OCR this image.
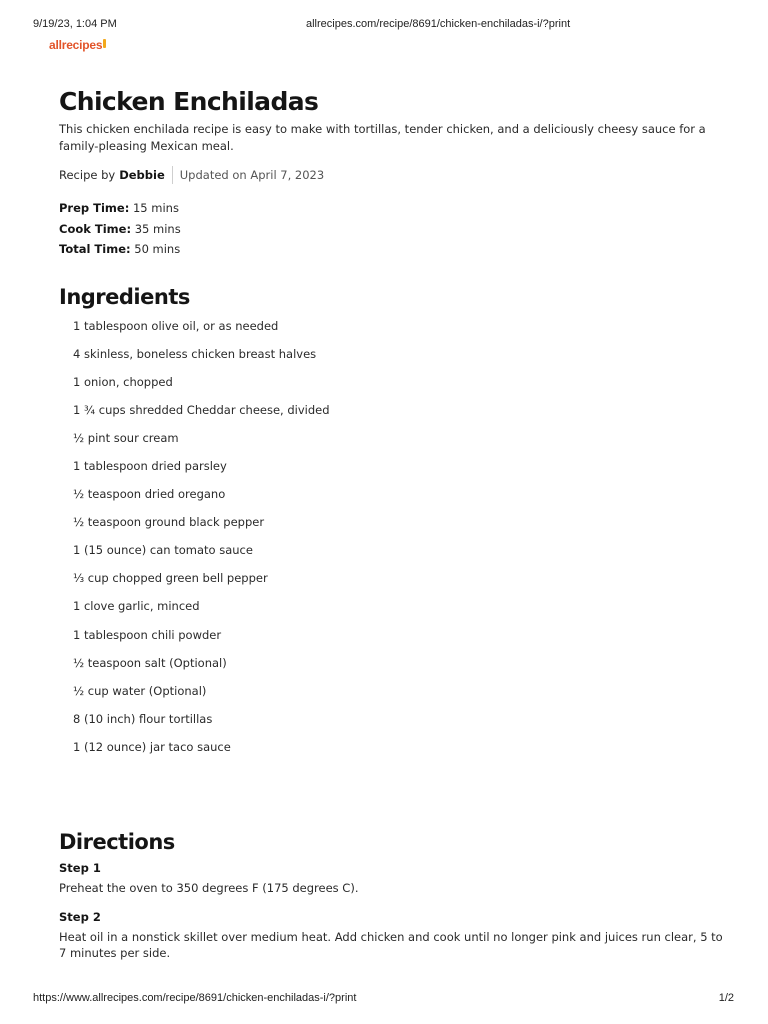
9/19/23, 1:04 PM	allrecipes.com/recipe/8691/chicken-enchiladas-i/?print
allrecipes
Chicken Enchiladas
This chicken enchilada recipe is easy to make with tortillas, tender chicken, and a deliciously cheesy sauce for a family-pleasing Mexican meal.
Recipe by Debbie Updated on April 7, 2023
Prep Time: 15 mins
Cook Time: 35 mins
Total Time: 50 mins
Ingredients
1 tablespoon olive oil, or as needed
4 skinless, boneless chicken breast halves
1 onion, chopped
1 ¾ cups shredded Cheddar cheese, divided
½ pint sour cream
1 tablespoon dried parsley
½ teaspoon dried oregano
½ teaspoon ground black pepper
1 (15 ounce) can tomato sauce
⅓ cup chopped green bell pepper
1 clove garlic, minced
1 tablespoon chili powder
½ teaspoon salt (Optional)
½ cup water (Optional)
8 (10 inch) flour tortillas
1 (12 ounce) jar taco sauce
Directions
Step 1
Preheat the oven to 350 degrees F (175 degrees C).
Step 2
Heat oil in a nonstick skillet over medium heat. Add chicken and cook until no longer pink and juices run clear, 5 to 7 minutes per side.
https://www.allrecipes.com/recipe/8691/chicken-enchiladas-i/?print	1/2
